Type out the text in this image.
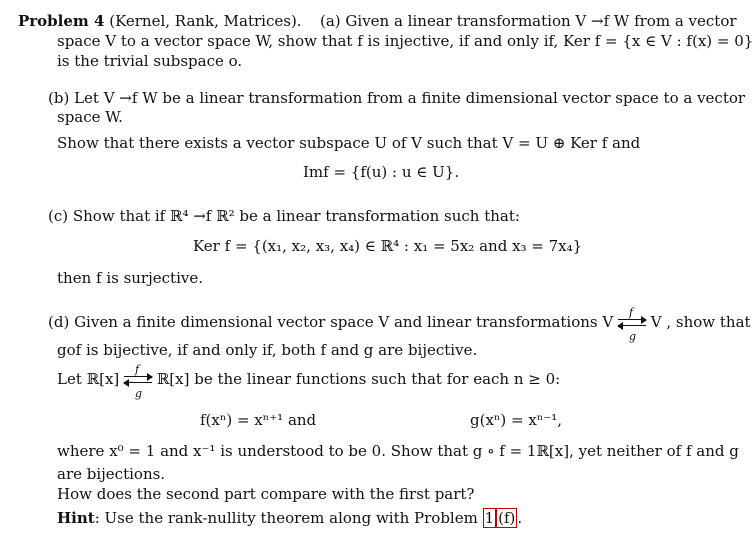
Problem 4 (Kernel, Rank, Matrices). (a) Given a linear transformation V →f W from a vector
space V to a vector space W, show that f is injective, if and only if, Ker f = {x ∈ V : f(x) = 0}
is the trivial subspace o.
(b) Let V →f W be a linear transformation from a finite dimensional vector space to a vector
space W.
Show that there exists a vector subspace U of V such that V = U ⊕ Ker f and
Imf = {f(u) : u ∈ U}.
(c) Show that if ℝ⁴ →f ℝ² be a linear transformation such that:
Ker f = {(x₁, x₂, x₃, x₄) ∈ ℝ⁴ : x₁ = 5x₂ and x₃ = 7x₄}
then f is surjective.
(d) Given a finite dimensional vector space V and linear transformations V $\frac{f}{g}$ V , show that
gof is bijective, if and only if, both f and g are bijective.
Let ℝ[x] $\frac{f}{g}$ ℝ[x] be the linear functions such that for each n ≥ 0:
f(xⁿ) = xⁿ⁺¹ and	g(xⁿ) = xⁿ⁻¹,
where x⁰ = 1 and x⁻¹ is understood to be 0. Show that g ∘ f = 1ℝ[x], yet neither of f and g
are bijections.
How does the second part compare with the first part?
Hint: Use the rank-nullity theorem along with Problem 1 (f) .
